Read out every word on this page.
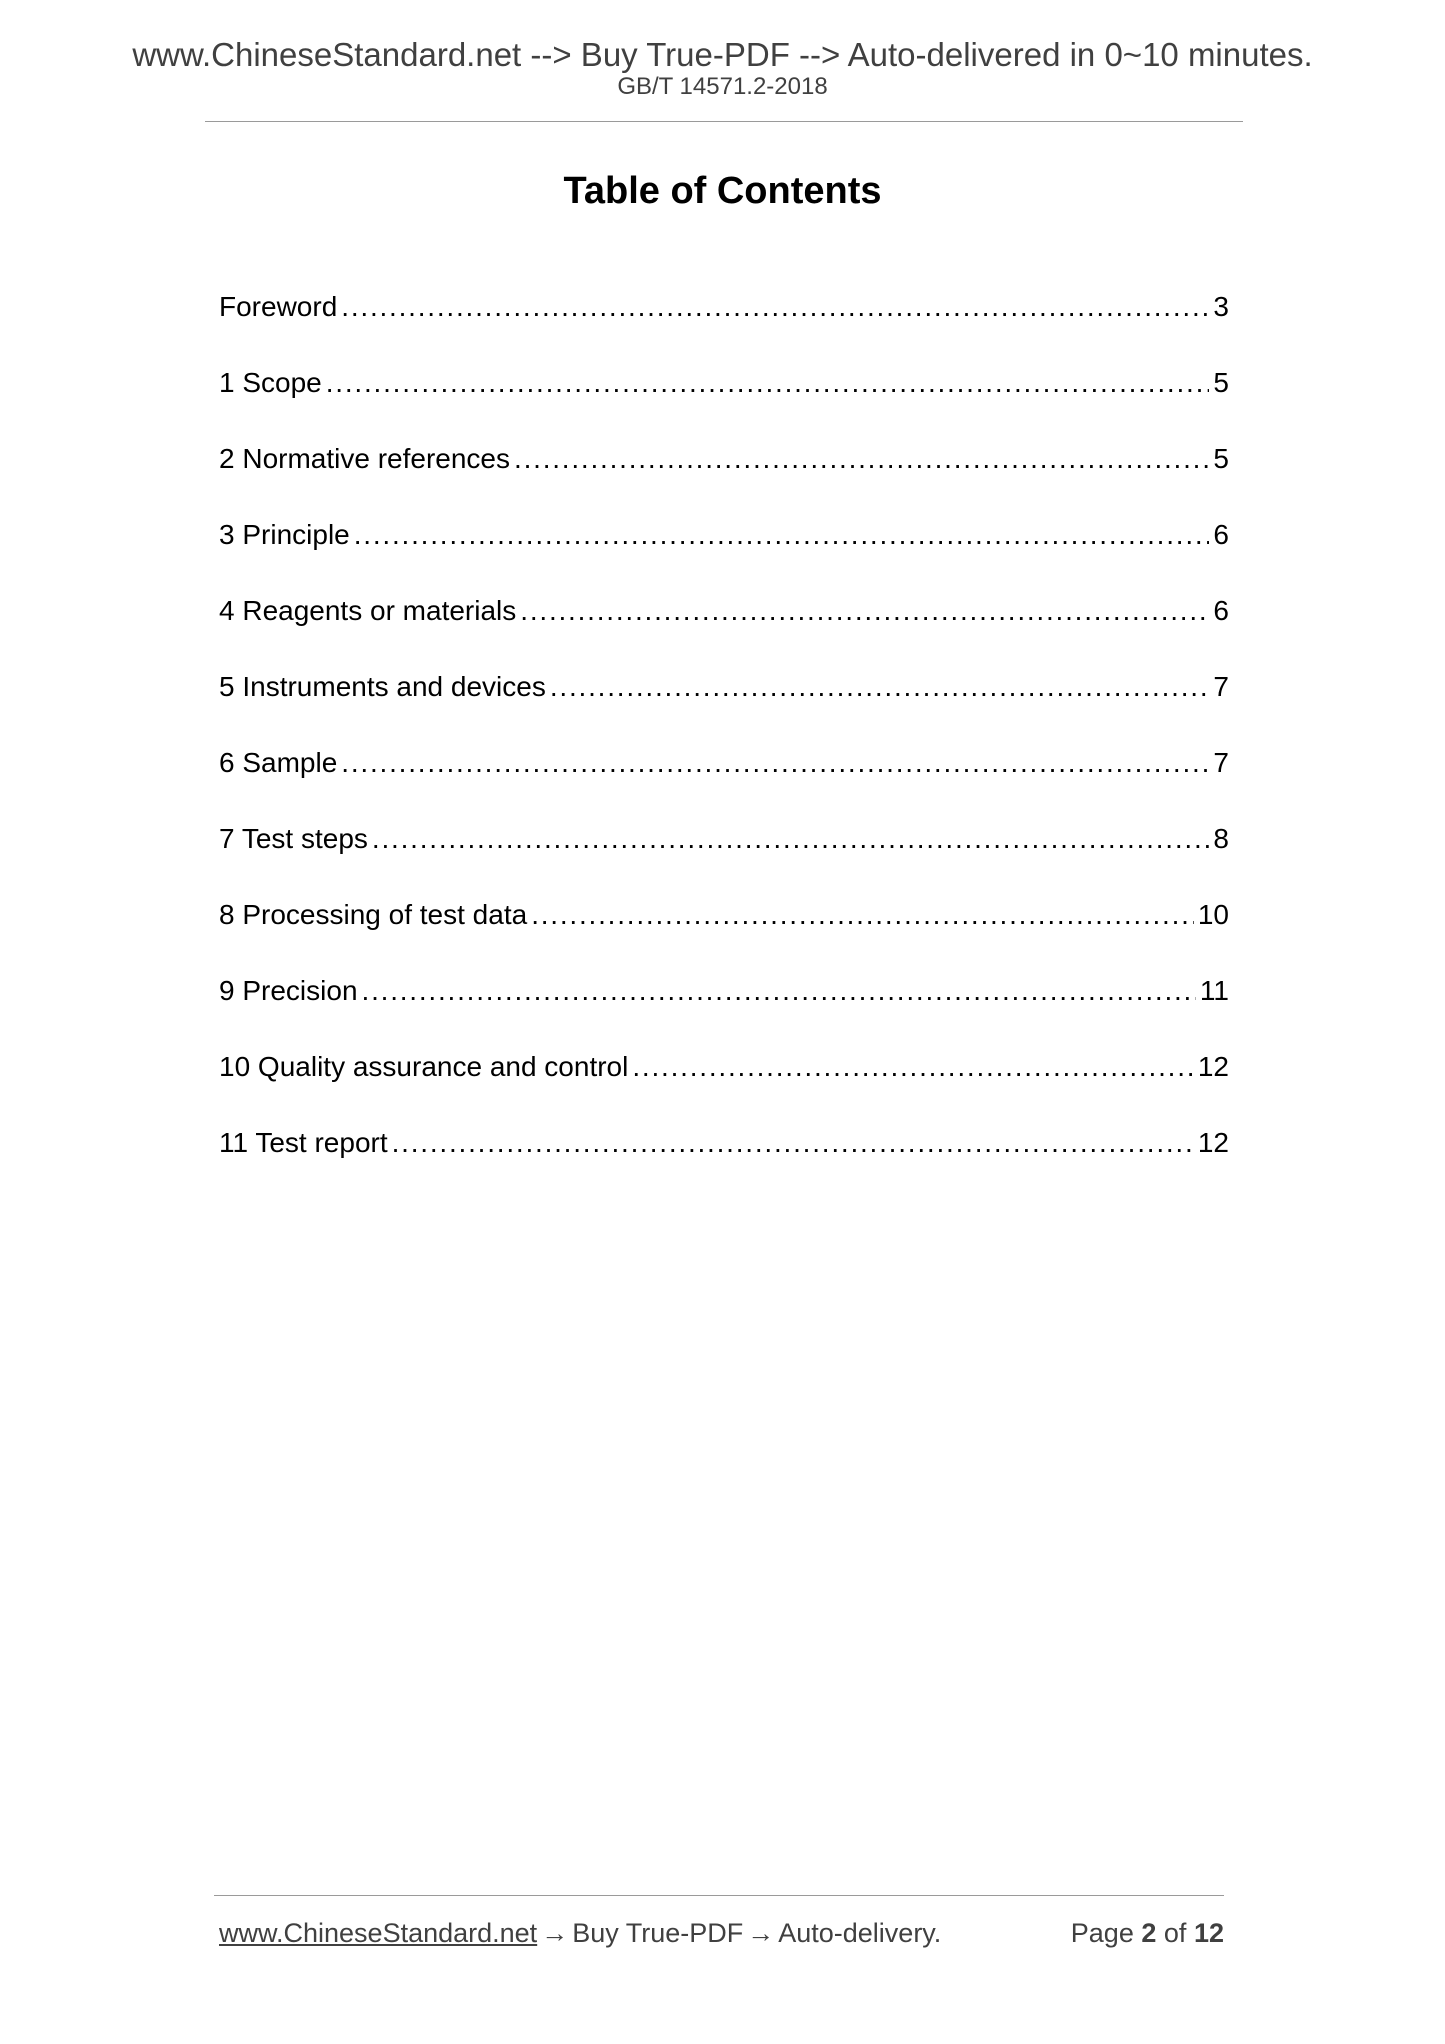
www.ChineseStandard.net --> Buy True-PDF --> Auto-delivered in 0~10 minutes.
GB/T 14571.2-2018
Table of Contents
Foreword . . .	3
1 Scope . . .	5
2 Normative references . . .	5
3 Principle . . .	6
4 Reagents or materials . . .	6
5 Instruments and devices . . .	7
6 Sample . . .	7
7 Test steps . . .	8
8 Processing of test data . . .	10
9 Precision . . .	11
10 Quality assurance and control . . .	12
11 Test report . . .	12
www.ChineseStandard.net → Buy True-PDF → Auto-delivery.	Page 2 of 12
